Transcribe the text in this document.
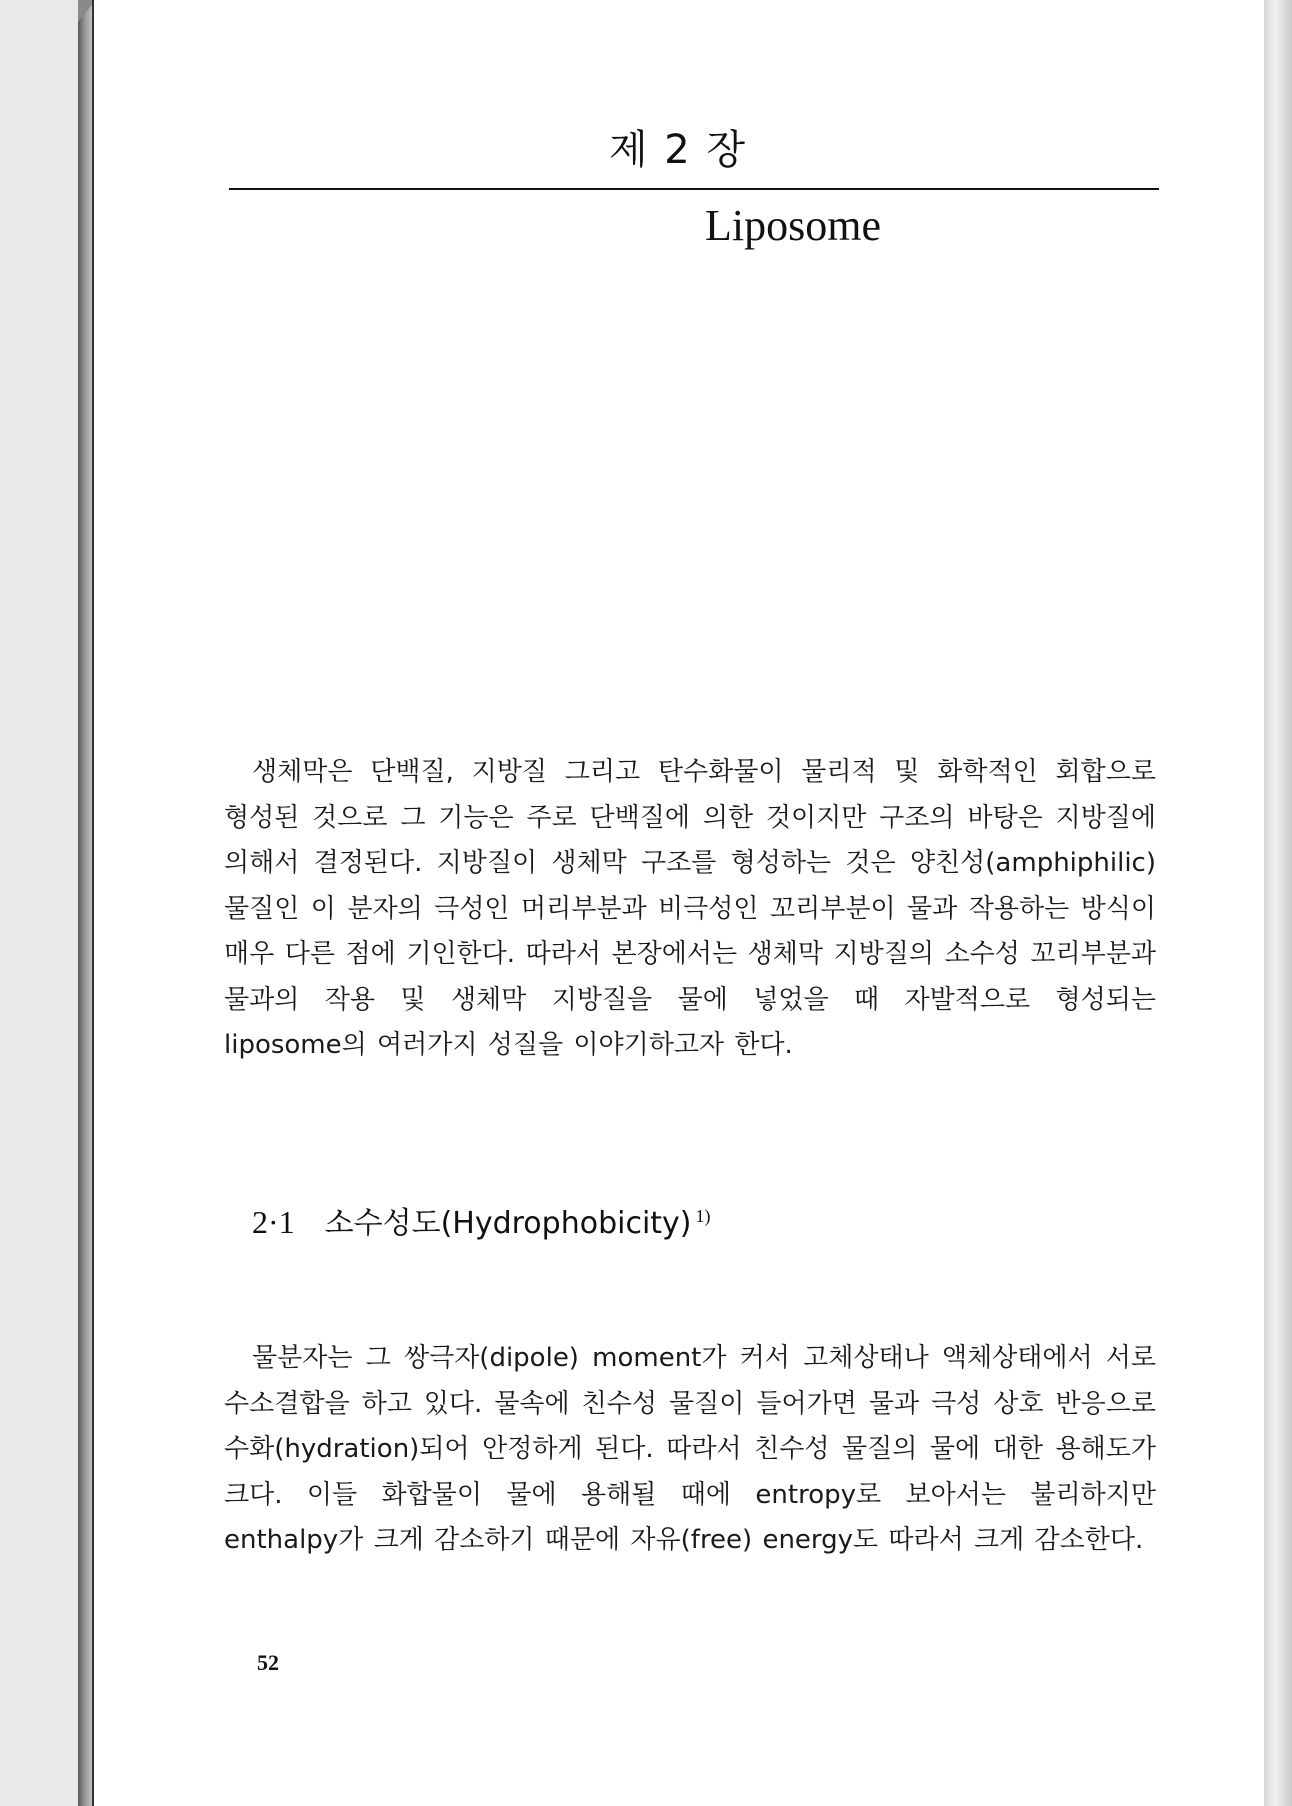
제 2 장
Liposome

생체막은 단백질, 지방질 그리고 탄수화물이 물리적 및 화학적인 회합으로 형성된 것으로 그 기능은 주로 단백질에 의한 것이지만 구조의 바탕은 지방질에 의해서 결정된다. 지방질이 생체막 구조를 형성하는 것은 양친성(amphiphilic) 물질인 이 분자의 극성인 머리부분과 비극성인 꼬리부분이 물과 작용하는 방식이 매우 다른 점에 기인한다. 따라서 본장에서는 생체막 지방질의 소수성 꼬리부분과 물과의 작용 및 생체막 지방질을 물에 넣었을 때 자발적으로 형성되는 liposome의 여러가지 성질을 이야기하고자 한다.

2·1 소수성도(Hydrophobicity) $^{1)}$

물분자는 그 쌍극자(dipole) moment가 커서 고체상태나 액체상태에서 서로 수소결합을 하고 있다. 물속에 친수성 물질이 들어가면 물과 극성 상호 반응으로 수화(hydration)되어 안정하게 된다. 따라서 친수성 물질의 물에 대한 용해도가 크다. 이들 화합물이 물에 용해될 때에 entropy로 보아서는 불리하지만 enthalpy가 크게 감소하기 때문에 자유(free) energy도 따라서 크게 감소한다.

52
